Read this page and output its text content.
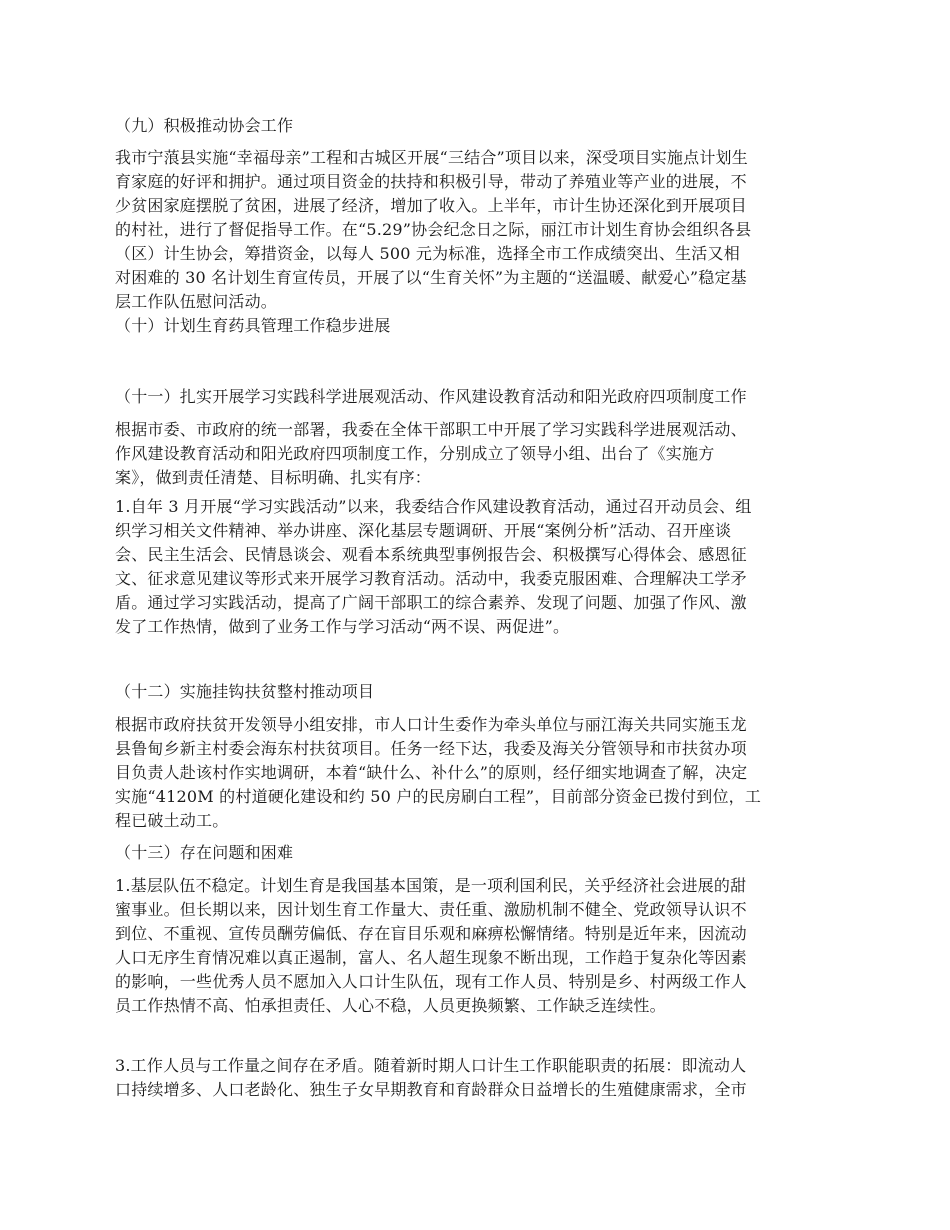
（九）积极推动协会工作

我市宁蒗县实施“幸福母亲”工程和古城区开展“三结合”项目以来，深受项目实施点计划生
育家庭的好评和拥护。通过项目资金的扶持和积极引导，带动了养殖业等产业的进展，不
少贫困家庭摆脱了贫困，进展了经济，增加了收入。上半年，市计生协还深化到开展项目
的村社，进行了督促指导工作。在“5.29”协会纪念日之际，丽江市计划生育协会组织各县
（区）计生协会，筹措资金，以每人 500 元为标准，选择全市工作成绩突出、生活又相
对困难的 30 名计划生育宣传员，开展了以“生育关怀”为主题的“送温暖、献爱心”稳定基
层工作队伍慰问活动。

（十）计划生育药具管理工作稳步进展

（十一）扎实开展学习实践科学进展观活动、作风建设教育活动和阳光政府四项制度工作

根据市委、市政府的统一部署，我委在全体干部职工中开展了学习实践科学进展观活动、
作风建设教育活动和阳光政府四项制度工作，分别成立了领导小组、出台了《实施方
案》，做到责任清楚、目标明确、扎实有序：
1.自年 3 月开展“学习实践活动”以来，我委结合作风建设教育活动，通过召开动员会、组
织学习相关文件精神、举办讲座、深化基层专题调研、开展“案例分析”活动、召开座谈
会、民主生活会、民情恳谈会、观看本系统典型事例报告会、积极撰写心得体会、感恩征
文、征求意见建议等形式来开展学习教育活动。活动中，我委克服困难、合理解决工学矛
盾。通过学习实践活动，提高了广阔干部职工的综合素养、发现了问题、加强了作风、激
发了工作热情，做到了业务工作与学习活动“两不误、两促进”。

（十二）实施挂钩扶贫整村推动项目

根据市政府扶贫开发领导小组安排，市人口计生委作为牵头单位与丽江海关共同实施玉龙
县鲁甸乡新主村委会海东村扶贫项目。任务一经下达，我委及海关分管领导和市扶贫办项
目负责人赴该村作实地调研，本着“缺什么、补什么”的原则，经仔细实地调查了解，决定
实施“4120M 的村道硬化建设和约 50 户的民房刷白工程”，目前部分资金已拨付到位，工
程已破土动工。

（十三）存在问题和困难

1.基层队伍不稳定。计划生育是我国基本国策，是一项利国利民，关乎经济社会进展的甜
蜜事业。但长期以来，因计划生育工作量大、责任重、激励机制不健全、党政领导认识不
到位、不重视、宣传员酬劳偏低、存在盲目乐观和麻痹松懈情绪。特别是近年来，因流动
人口无序生育情况难以真正遏制，富人、名人超生现象不断出现，工作趋于复杂化等因素
的影响，一些优秀人员不愿加入人口计生队伍，现有工作人员、特别是乡、村两级工作人
员工作热情不高、怕承担责任、人心不稳，人员更换频繁、工作缺乏连续性。
3.工作人员与工作量之间存在矛盾。随着新时期人口计生工作职能职责的拓展：即流动人
口持续增多、人口老龄化、独生子女早期教育和育龄群众日益增长的生殖健康需求，全市
